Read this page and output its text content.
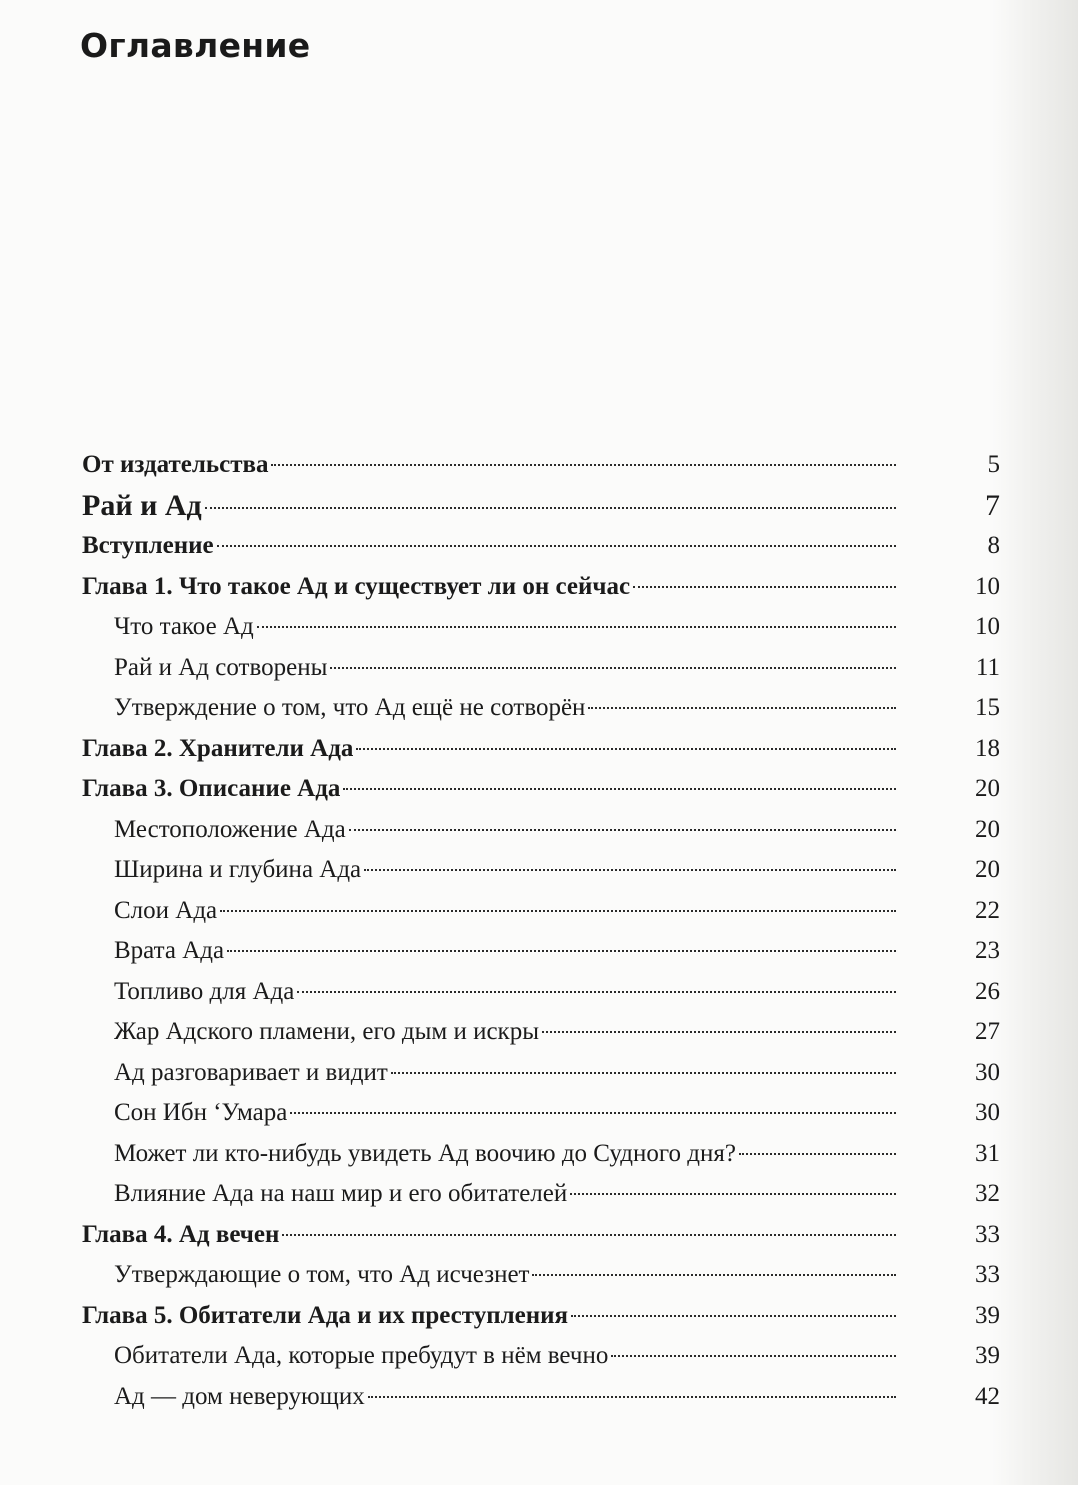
Оглавление
От издательства	5
Рай и Ад	7
Вступление	8
Глава 1. Что такое Ад и существует ли он сейчас	10
Что такое Ад	10
Рай и Ад сотворены	11
Утверждение о том, что Ад ещё не сотворён	15
Глава 2. Хранители Ада	18
Глава 3. Описание Ада	20
Местоположение Ада	20
Ширина и глубина Ада	20
Слои Ада	22
Врата Ада	23
Топливо для Ада	26
Жар Адского пламени, его дым и искры	27
Ад разговаривает и видит	30
Сон Ибн ‘Умара	30
Может ли кто-нибудь увидеть Ад воочию до Судного дня?	31
Влияние Ада на наш мир и его обитателей	32
Глава 4. Ад вечен	33
Утверждающие о том, что Ад исчезнет	33
Глава 5. Обитатели Ада и их преступления	39
Обитатели Ада, которые пребудут в нём вечно	39
Ад — дом неверующих	42
